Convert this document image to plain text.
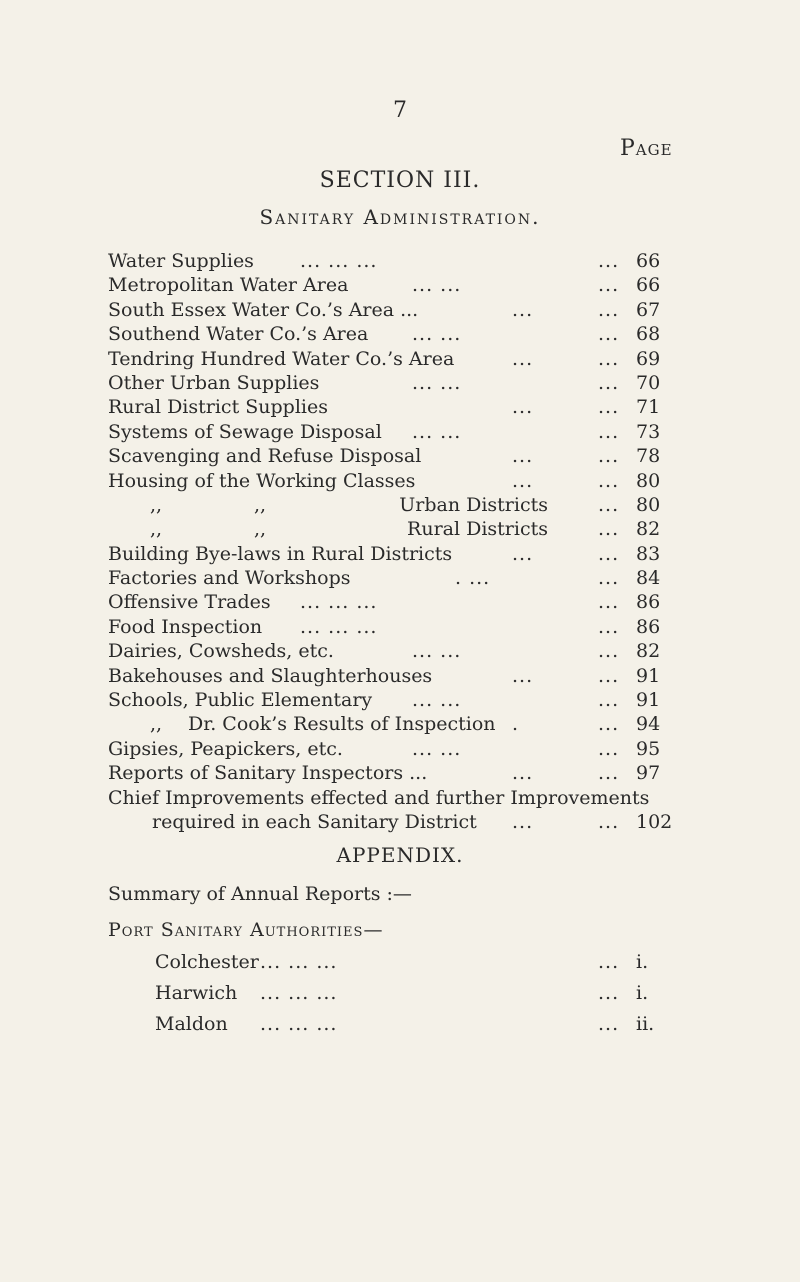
7
Page
SECTION III.
Sanitary Administration.
Water Supplies ... ... ...	... 66
Metropolitan Water Area	... ...	... 66
South Essex Water Co.’s Area ...	...	... 67
Southend Water Co.’s Area ... ...	... 68
Tendring Hundred Water Co.’s Area	...	... 69
Other Urban Supplies	... ...	... 70
Rural District Supplies	...	... 71
Systems of Sewage Disposal ... ...	... 73
Scavenging and Refuse Disposal	...	... 78
Housing of the Working Classes	...	... 80
,,	,,	Urban Districts	... 80
,,	,,	Rural Districts	... 82
Building Bye-laws in Rural Districts	...	... 83
Factories and Workshops	. ...	... 84
Offensive Trades ... ... ...	... 86
Food Inspection ... ... ...	... 86
Dairies, Cowsheds, etc.	... ...	... 82
Bakehouses and Slaughterhouses	...	... 91
Schools, Public Elementary ... ...	... 91
,, Dr. Cook’s Results of Inspection .	... 94
Gipsies, Peapickers, etc.	... ...	... 95
Reports of Sanitary Inspectors ...	...	... 97
Chief Improvements effected and further Improvements
required in each Sanitary District ...	... 102
APPENDIX.
Summary of Annual Reports :—
Port Sanitary Authorities—
Colchester ... ... ...	... i.
Harwich ... ... ...	... i.
Maldon ... ... ...	... ii.
